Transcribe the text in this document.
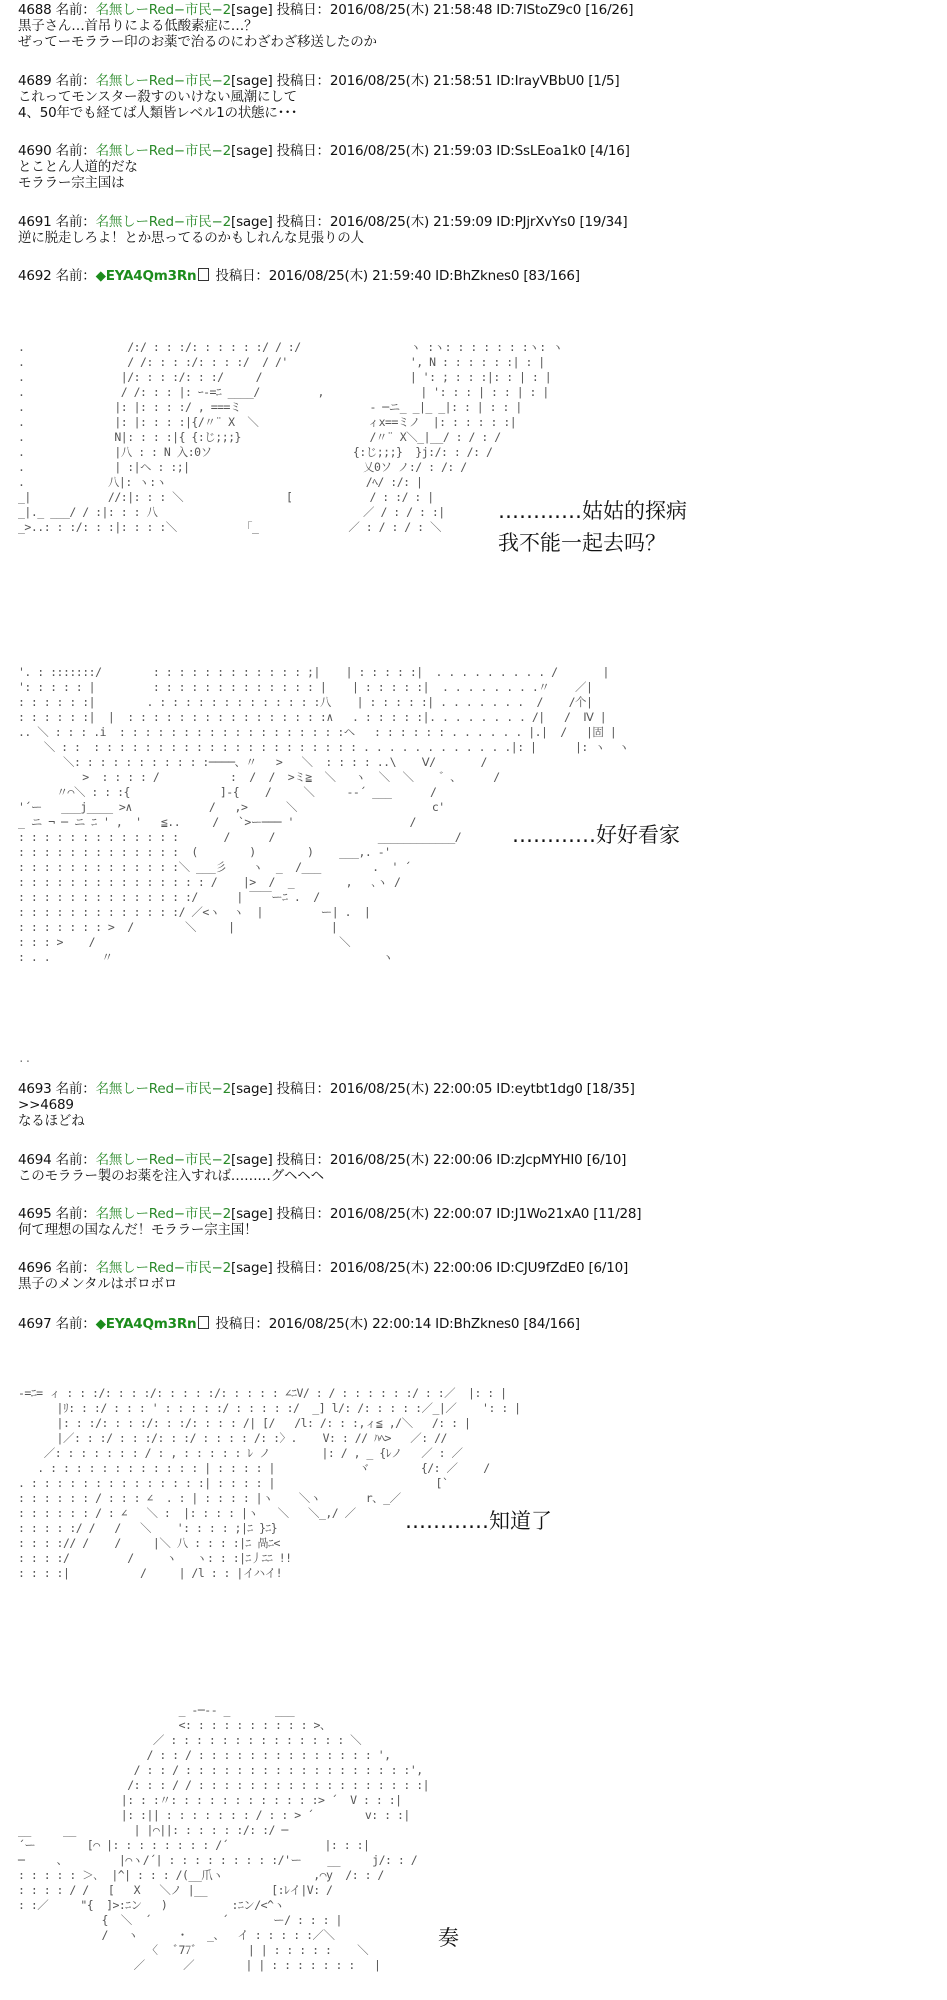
4688 名前：名無しーRed−市民−2[sage] 投稿日：2016/08/25(木) 21:58:48 ID:7lStoZ9c0 [16/26]
黒子さん…首吊りによる低酸素症に…？
ぜってーモララー印のお薬で治るのにわざわざ移送したのか
4689 名前：名無しーRed−市民−2[sage] 投稿日：2016/08/25(木) 21:58:51 ID:IrayVBbU0 [1/5]
これってモンスター殺すのいけない風潮にして
4、50年でも経てば人類皆レベル1の状態に･･･
4690 名前：名無しーRed−市民−2[sage] 投稿日：2016/08/25(木) 21:59:03 ID:SsLEoa1k0 [4/16]
とことん人道的だな
モララー宗主国は
4691 名前：名無しーRed−市民−2[sage] 投稿日：2016/08/25(木) 21:59:09 ID:PJjrXvYs0 [19/34]
逆に脱走しろよ！とか思ってるのかもしれんな見張りの人
4692 名前：◆EYA4Qm3Rn 投稿日：2016/08/25(木) 21:59:40 ID:BhZknes0 [83/166]
.                /:/ : : :/: : : : : :/ / :/                 ヽ :ヽ: : : : : : :ヽ: ヽ
.                / /: : : :/: : : :/  / /'                   ', N : : : : : :| : |
.               |/: : : :/: : :/     /                       | ': ; : : :|: : | : |
.               / /: : : |: ｰ-=ﾆ ____/         ,               | ': : : | : : | : |
.              |: |: : : :/ , ===ミ                    ‐ ─ニ_ _|_ _|: : | : : |
.              |: |: : : :|{/〃¨ X  ＼                 ィx==ミノ  |: : : : : :|
.              N|: : : :|{ {:じ;;;}                    /〃¨ X＼_|__/ : / : /
.              |八 : : N 入:0ソ                      {:じ;;;}  }j:/: : /: /
.              | :|ヘ : :;|                           乂0ソ ノ:/ : /: /
.             八|: ヽ:ヽ                               /ﾍ/ :/: |
_|            //:|: : : ＼                [            / : :/ : |
_|._ ___/ / :|: : : 八                                ／ / : / : :|
_>..: : :/: : :|: : : :＼          「_              ／ : / : / : ＼
…………姑姑的探病
我不能一起去吗？
'. : :::::::/        : : : : : : : : : : : : ;|    | : : : : :|  . . . . . . . . . /       |
': : : : : |         : : : : : : : : : : : : : |    | : : : : :|  . . . . . . . .〃    ／|
: : : : : :|        . : : : : : : : : : : : : :八    | : : : : :| . . . . . . .  /    /个|
: : : : : :|  |  : : : : : : : : : : : : : : : :∧   . : : : : :|. . . . . . . . /|   /  Ⅳ |
.. ＼ : : : .i  : : : : : : : : : : : : : : : : : :ヘ   : : : : : : . . . . . . |.|  /   |固 |
＼ : :  : : : : : : : : : : : : : : : : : : : : : . . . . . . . . . . . .|: |      |: ヽ  ヽ
＼: : : : : : : : : : :────、〃   >   ＼  : : : : ..\    Ⅴ/       /
>  : : : : /           :  /  /  >ミ≧  ＼   ヽ  ＼  ＼    ゛、     /
〃⌒＼ : : :{              ]‐{    /     ＼     ‐-´ ___      /
'´ー   ___j____ >∧            /   ,>      ＼                     c'
_ ニ ¬ ─ ニ ﾆ ' ,  '   ≦..     /   `>ー─── '                  /
: : : : : : : : : : : : :       /      /                ____________/
: : : : : : : : : : : : :  (        )        )    ___,. ‐'
: : : : : : : : : : : : :＼ ___彡    ヽ  _  /___        .  ' ´
: : : : : : : : : : : : : : : /    |>  /  _        ,   ､ヽ /
: : : : : : : : : : : : : :/      | ￣￣ーﾆ .  /
: : : : : : : : : : : : :/ ／<ヽ  ヽ  |         ー| .  |
: : : : : : : >  /        ＼     |               |
: : : >    /                                      ＼
: . .        〃                                          ヽ
…………好好看家
..
4693 名前：名無しーRed−市民−2[sage] 投稿日：2016/08/25(木) 22:00:05 ID:eytbt1dg0 [18/35]
>>4689
なるほどね
4694 名前：名無しーRed−市民−2[sage] 投稿日：2016/08/25(木) 22:00:06 ID:zJcpMYHI0 [6/10]
このモララー製のお薬を注入すれば………グヘヘヘ
4695 名前：名無しーRed−市民−2[sage] 投稿日：2016/08/25(木) 22:00:07 ID:J1Wo21xA0 [11/28]
何て理想の国なんだ！モララー宗主国！
4696 名前：名無しーRed−市民−2[sage] 投稿日：2016/08/25(木) 22:00:06 ID:CJU9fZdE0 [6/10]
黒子のメンタルはボロボロ
4697 名前：◆EYA4Qm3Rn 投稿日：2016/08/25(木) 22:00:14 ID:BhZknes0 [84/166]
-=ﾆ= ィ : : :/: : : :/: : : : :/: : : : : ∠ﾆV/ : / : : : : : :/ : :／  |: : |
|ﾘ: : :/ : : : ' : : : : :/ : : : : :/  _] l/: /: : : : :／_|／    ': : |
|: : :/: : : :/: : :/: : : : /| [/   /l: /: : :,ィ≦ ,/＼   /: : |
|／: : :/ : : :/: : :/ : : : : /: :〉.    V: : // ﾊﾍ>   ／: //
／: : : : : : : / : , : : : : : ﾚ ノ        |: / , _ {ﾚノ   ／ : ／
. : : : : : : : : : : : : | : : : : |             ヾ        {/: ／    /
. : : : : : : : : : : : : : :| : : : : |                         [`
: : : : : : / : : : ∠  . : | : : : : |ヽ    ＼ヽ       r、_／
: : : : : : / : ∠   ＼ :  |: : : : |ヽ   ＼   ＼_,/ ／
: : : : :/ /   /   ＼    ': : : : ;|ﾆ }ﾆ}
: : : :// /    /     |＼ 八 : : : :|ﾆ 咼ﾆ<
: : : :/         /     ヽ   ヽ: : :|ﾆ丿ﾆﾆ !!
: : : :|           /     | /l : : |イハイ!
…………知道了
_ -─‐- _       ___
<: : : : : : : : : : >、
／ : : : : : : : : : : : : : : ＼
/ : : / : : : : : : : : : : : : : : ',
/ : : / : : : : : : : : : : : : : : : : : :',
/: : : / / : : : : : : : : : : : : : : : : : :|
|: : :〃: : : : : : : : : : : :> ´  V : : :|
|: :|| : : : : : : : / : : > ´        v: : :|
__     __         | |⌒||: : : : : :/: :/ ─
´ー        [⌒ |: : : : : : : : /´               |: : :|
─     、        |⌒ヽ/´| : : : : : : : : :/'ー    __     j/: : /
: : : : : ＞､  |^| : : : /(__爪ヽ              ,⌒y  /: : /
: : : : / /   [   X   ＼ノ |__          [:ﾚイ|V: /
: :／     "{  ]>:ﾆン   )          :ﾆン/<^ヽ
{  ＼  ´           ´       ー/ : : : |
/   ヽ      ・   _、  イ : : : : :／＼
〈   ﾞ77ﾞ        | | : : : : :    ＼
／      ／        | | : : : : : : :   |
奏
